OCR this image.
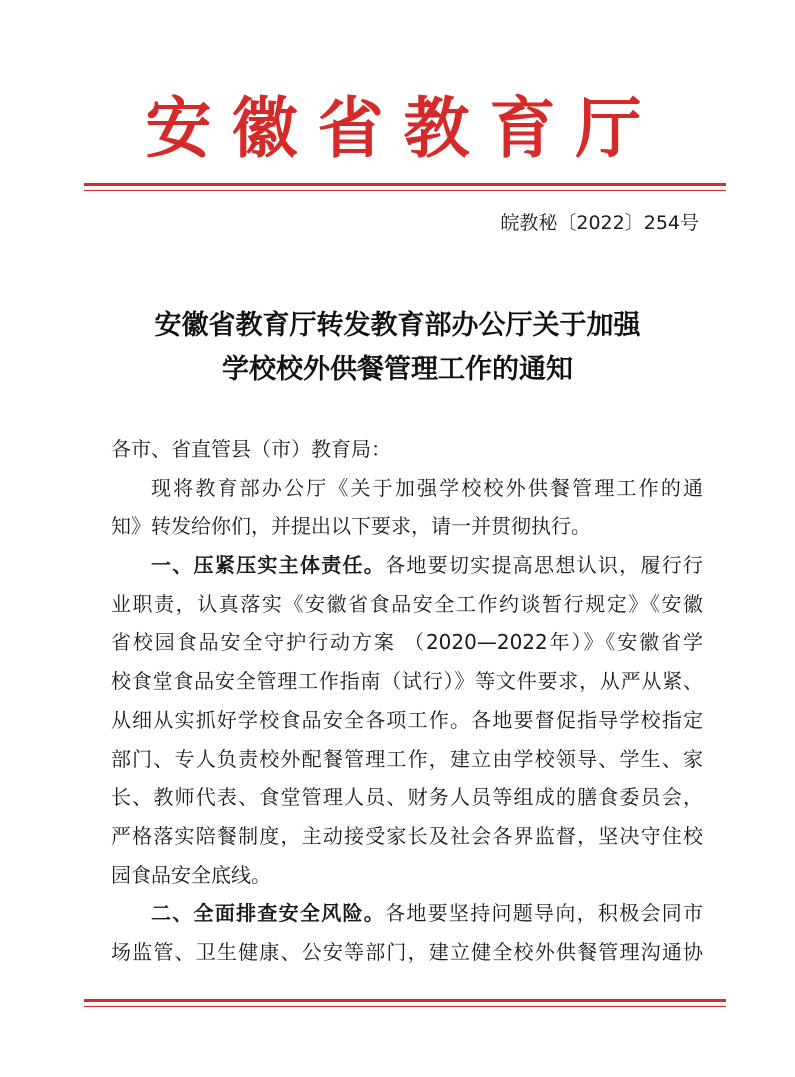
安徽省教育厅
皖教秘〔2022〕254号
安徽省教育厅转发教育部办公厅关于加强
学校校外供餐管理工作的通知
各市、省直管县（市）教育局：
现将教育部办公厅《关于加强学校校外供餐管理工作的通
知》转发给你们，并提出以下要求，请一并贯彻执行。
一、压紧压实主体责任。各地要切实提高思想认识，履行行
业职责，认真落实《安徽省食品安全工作约谈暂行规定》《安徽
省校园食品安全守护行动方案 （2020—2022年）》《安徽省学
校食堂食品安全管理工作指南（试行）》等文件要求，从严从紧、
从细从实抓好学校食品安全各项工作。各地要督促指导学校指定
部门、专人负责校外配餐管理工作，建立由学校领导、学生、家
长、教师代表、食堂管理人员、财务人员等组成的膳食委员会，
严格落实陪餐制度，主动接受家长及社会各界监督，坚决守住校
园食品安全底线。
二、全面排查安全风险。各地要坚持问题导向，积极会同市
场监管、卫生健康、公安等部门，建立健全校外供餐管理沟通协
